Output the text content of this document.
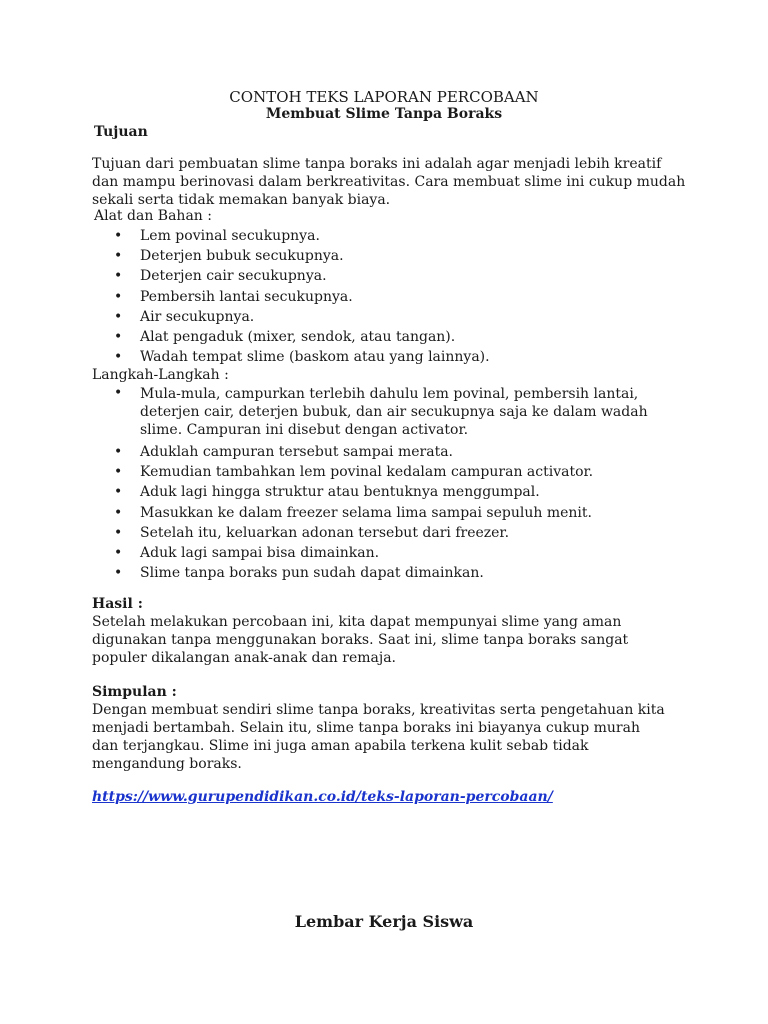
CONTOH TEKS LAPORAN PERCOBAAN
Membuat Slime Tanpa Boraks
Tujuan
Tujuan dari pembuatan slime tanpa boraks ini adalah agar menjadi lebih kreatif dan mampu berinovasi dalam berkreativitas. Cara membuat slime ini cukup mudah sekali serta tidak memakan banyak biaya.
Alat dan Bahan :
• Lem povinal secukupnya.
• Deterjen bubuk secukupnya.
• Deterjen cair secukupnya.
• Pembersih lantai secukupnya.
• Air secukupnya.
• Alat pengaduk (mixer, sendok, atau tangan).
• Wadah tempat slime (baskom atau yang lainnya).
Langkah-Langkah :
• Mula-mula, campurkan terlebih dahulu lem povinal, pembersih lantai, deterjen cair, deterjen bubuk, dan air secukupnya saja ke dalam wadah slime. Campuran ini disebut dengan activator.
• Aduklah campuran tersebut sampai merata.
• Kemudian tambahkan lem povinal kedalam campuran activator.
• Aduk lagi hingga struktur atau bentuknya menggumpal.
• Masukkan ke dalam freezer selama lima sampai sepuluh menit.
• Setelah itu, keluarkan adonan tersebut dari freezer.
• Aduk lagi sampai bisa dimainkan.
• Slime tanpa boraks pun sudah dapat dimainkan.
Hasil :
Setelah melakukan percobaan ini, kita dapat mempunyai slime yang aman digunakan tanpa menggunakan boraks. Saat ini, slime tanpa boraks sangat populer dikalangan anak-anak dan remaja.
Simpulan :
Dengan membuat sendiri slime tanpa boraks, kreativitas serta pengetahuan kita menjadi bertambah. Selain itu, slime tanpa boraks ini biayanya cukup murah dan terjangkau. Slime ini juga aman apabila terkena kulit sebab tidak mengandung boraks.
https://www.gurupendidikan.co.id/teks-laporan-percobaan/
Lembar Kerja Siswa
